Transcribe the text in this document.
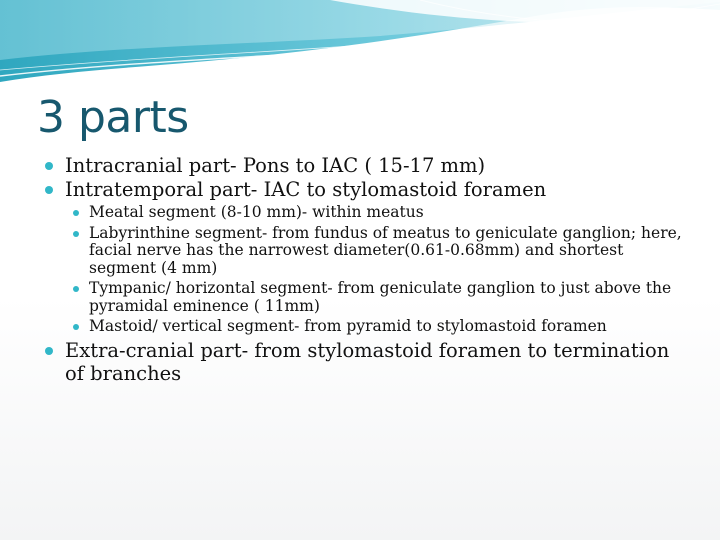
3 parts
Intracranial part- Pons to IAC ( 15-17 mm)
Intratemporal part- IAC to stylomastoid foramen
Meatal segment (8-10 mm)- within meatus
Labyrinthine segment- from fundus of meatus to geniculate ganglion; here, facial nerve has the narrowest diameter(0.61-0.68mm) and shortest segment (4 mm)
Tympanic/ horizontal segment- from geniculate ganglion to just above the pyramidal eminence ( 11mm)
Mastoid/ vertical segment- from pyramid to stylomastoid foramen
Extra-cranial part- from stylomastoid foramen to termination of branches
